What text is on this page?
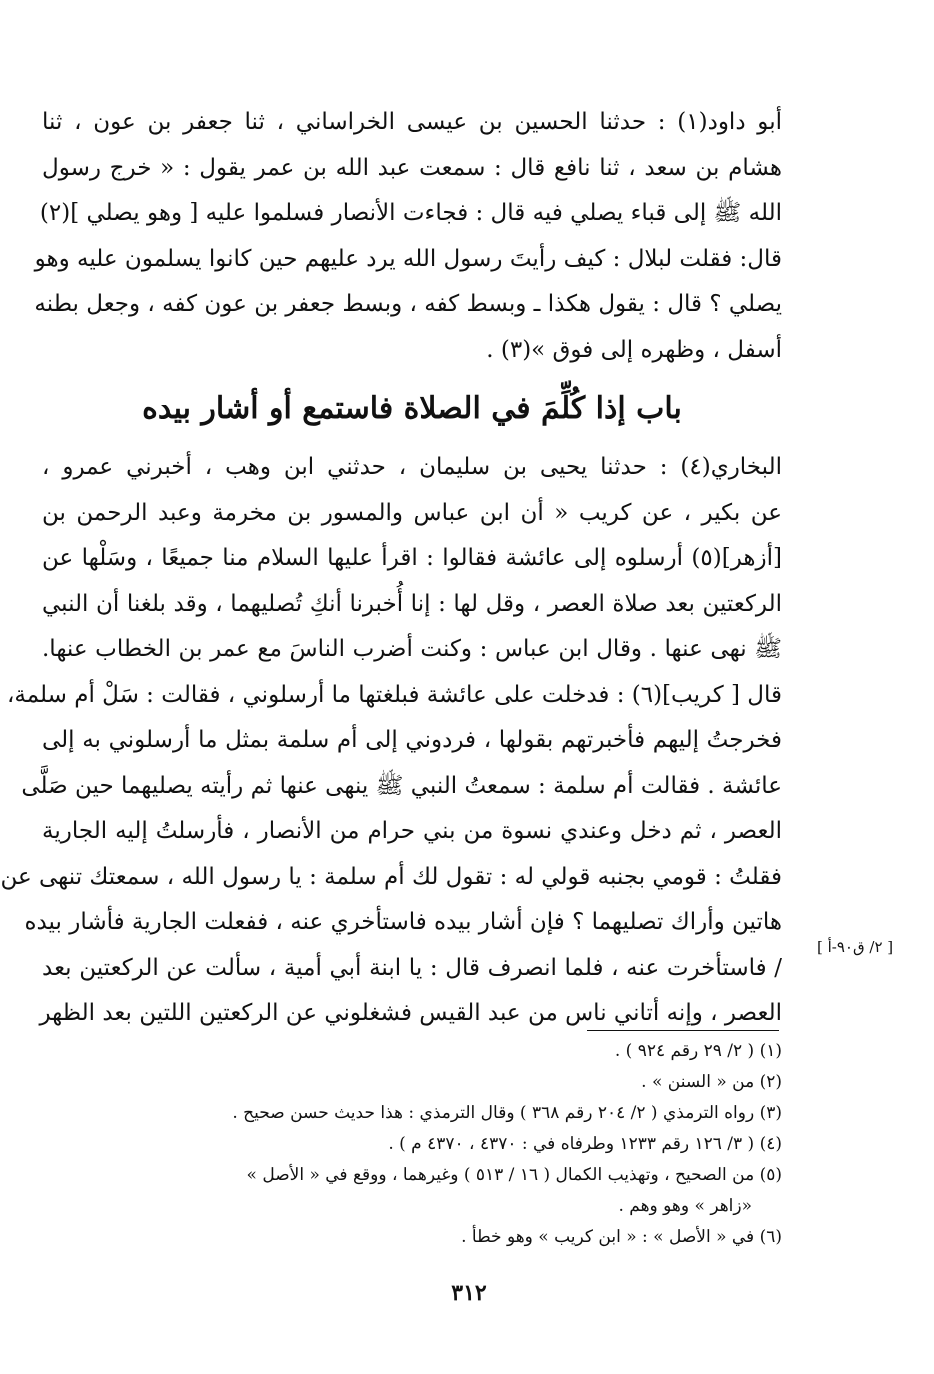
أبو داود(١) : حدثنا الحسين بن عيسى الخراساني ، ثنا جعفر بن عون ، ثنا
هشام بن سعد ، ثنا نافع قال : سمعت عبد الله بن عمر يقول : « خرج رسول
الله ﷺ إلى قباء يصلي فيه قال : فجاءت الأنصار فسلموا عليه [ وهو يصلي ](٢)
قال: فقلت لبلال : كيف رأيتَ رسول الله يرد عليهم حين كانوا يسلمون عليه وهو
يصلي ؟ قال : يقول هكذا ـ وبسط كفه ، وبسط جعفر بن عون كفه ، وجعل بطنه
أسفل ، وظهره إلى فوق »(٣) .
باب إذا كُلِّمَ في الصلاة فاستمع أو أشار بيده
البخاري(٤) : حدثنا يحيى بن سليمان ، حدثني ابن وهب ، أخبرني عمرو ،
عن بكير ، عن كريب « أن ابن عباس والمسور بن مخرمة وعبد الرحمن بن
[أزهر](٥) أرسلوه إلى عائشة فقالوا : اقرأ عليها السلام منا جميعًا ، وسَلْها عن
الركعتين بعد صلاة العصر ، وقل لها : إنا أُخبرنا أنكِ تُصليهما ، وقد بلغنا أن النبي
ﷺ نهى عنها . وقال ابن عباس : وكنت أضرب الناسَ مع عمر بن الخطاب عنها.
قال [ كريب](٦) : فدخلت على عائشة فبلغتها ما أرسلوني ، فقالت : سَلْ أم سلمة،
فخرجتُ إليهم فأخبرتهم بقولها ، فردوني إلى أم سلمة بمثل ما أرسلوني به إلى
عائشة . فقالت أم سلمة : سمعتُ النبي ﷺ ينهى عنها ثم رأيته يصليهما حين صَلَّى
العصر ، ثم دخل وعندي نسوة من بني حرام من الأنصار ، فأرسلتُ إليه الجارية
فقلتُ : قومي بجنبه قولي له : تقول لك أم سلمة : يا رسول الله ، سمعتك تنهى عن
هاتين وأراك تصليهما ؟ فإن أشار بيده فاستأخري عنه ، ففعلت الجارية فأشار بيده
/ فاستأخرت عنه ، فلما انصرف قال : يا ابنة أبي أمية ، سألت عن الركعتين بعد
العصر ، وإنه أتاني ناس من عبد القيس فشغلوني عن الركعتين اللتين بعد الظهر
[ ٢/ ق٩٠-أ ]
(١) ( ٢/ ٢٩ رقم ٩٢٤ ) .
(٢) من « السنن » .
(٣) رواه الترمذي ( ٢/ ٢٠٤ رقم ٣٦٨ ) وقال الترمذي : هذا حديث حسن صحيح .
(٤) ( ٣/ ١٢٦ رقم ١٢٣٣ وطرفاه في : ٤٣٧٠ ، ٤٣٧٠ م ) .
(٥) من الصحيح ، وتهذيب الكمال ( ١٦ / ٥١٣ ) وغيرهما ، ووقع في « الأصل »
«زاهر » وهو وهم .
(٦) في « الأصل » : « ابن كريب » وهو خطأ .
٣١٢
